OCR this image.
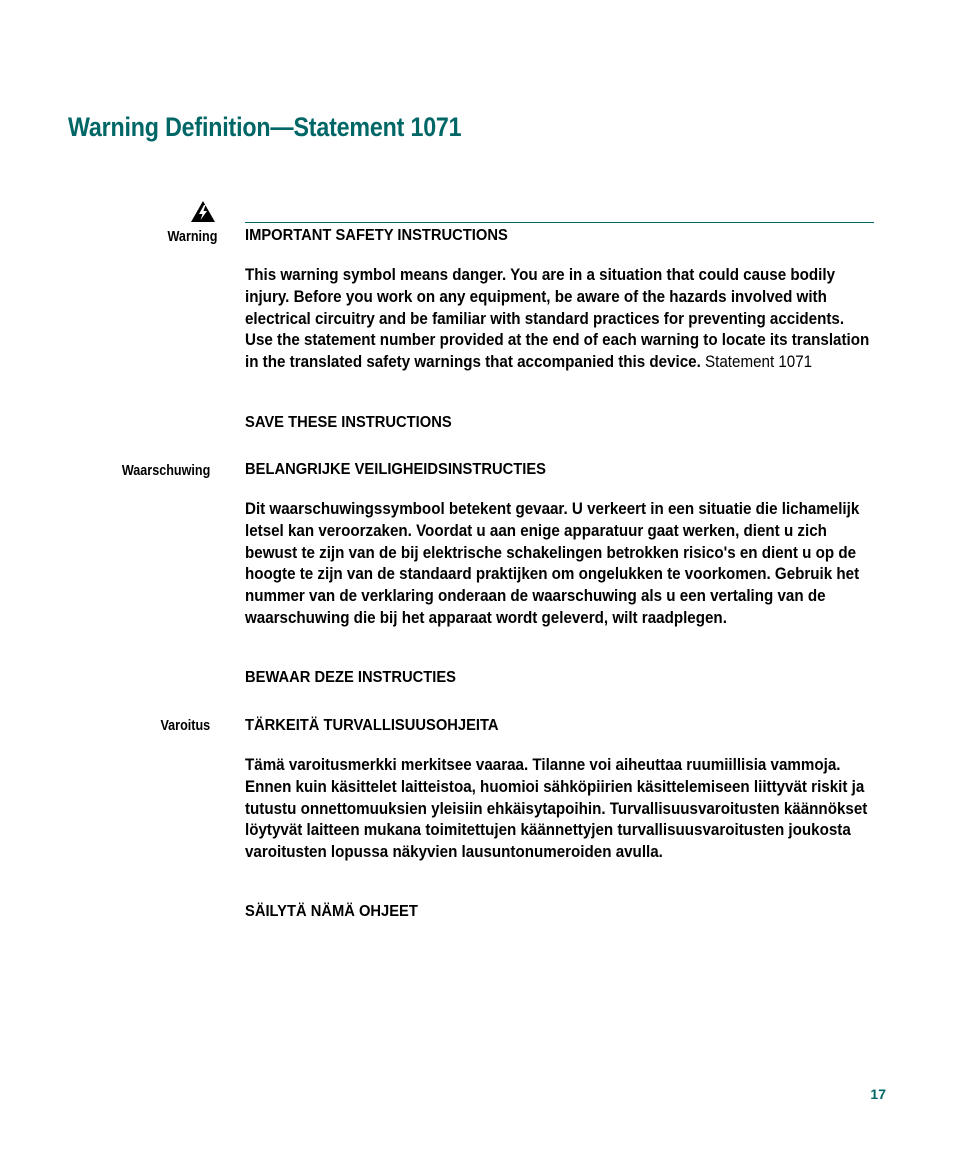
Warning Definition—Statement 1071
Warning IMPORTANT SAFETY INSTRUCTIONS
This warning symbol means danger. You are in a situation that could cause bodily injury. Before you work on any equipment, be aware of the hazards involved with electrical circuitry and be familiar with standard practices for preventing accidents. Use the statement number provided at the end of each warning to locate its translation in the translated safety warnings that accompanied this device. Statement 1071
SAVE THESE INSTRUCTIONS
Waarschuwing BELANGRIJKE VEILIGHEIDSINSTRUCTIES
Dit waarschuwingssymbool betekent gevaar. U verkeert in een situatie die lichamelijk letsel kan veroorzaken. Voordat u aan enige apparatuur gaat werken, dient u zich bewust te zijn van de bij elektrische schakelingen betrokken risico's en dient u op de hoogte te zijn van de standaard praktijken om ongelukken te voorkomen. Gebruik het nummer van de verklaring onderaan de waarschuwing als u een vertaling van de waarschuwing die bij het apparaat wordt geleverd, wilt raadplegen.
BEWAAR DEZE INSTRUCTIES
Varoitus TÄRKEITÄ TURVALLISUUSOHJEITA
Tämä varoitusmerkki merkitsee vaaraa. Tilanne voi aiheuttaa ruumiillisia vammoja. Ennen kuin käsittelet laitteistoa, huomioi sähköpiirien käsittelemiseen liittyvät riskit ja tutustu onnettomuuksien yleisiin ehkäisytapoihin. Turvallisuusvaroitusten käännökset löytyvät laitteen mukana toimitettujen käännettyjen turvallisuusvaroitusten joukosta varoitusten lopussa näkyvien lausuntonumeroiden avulla.
SÄILYTÄ NÄMÄ OHJEET
17
